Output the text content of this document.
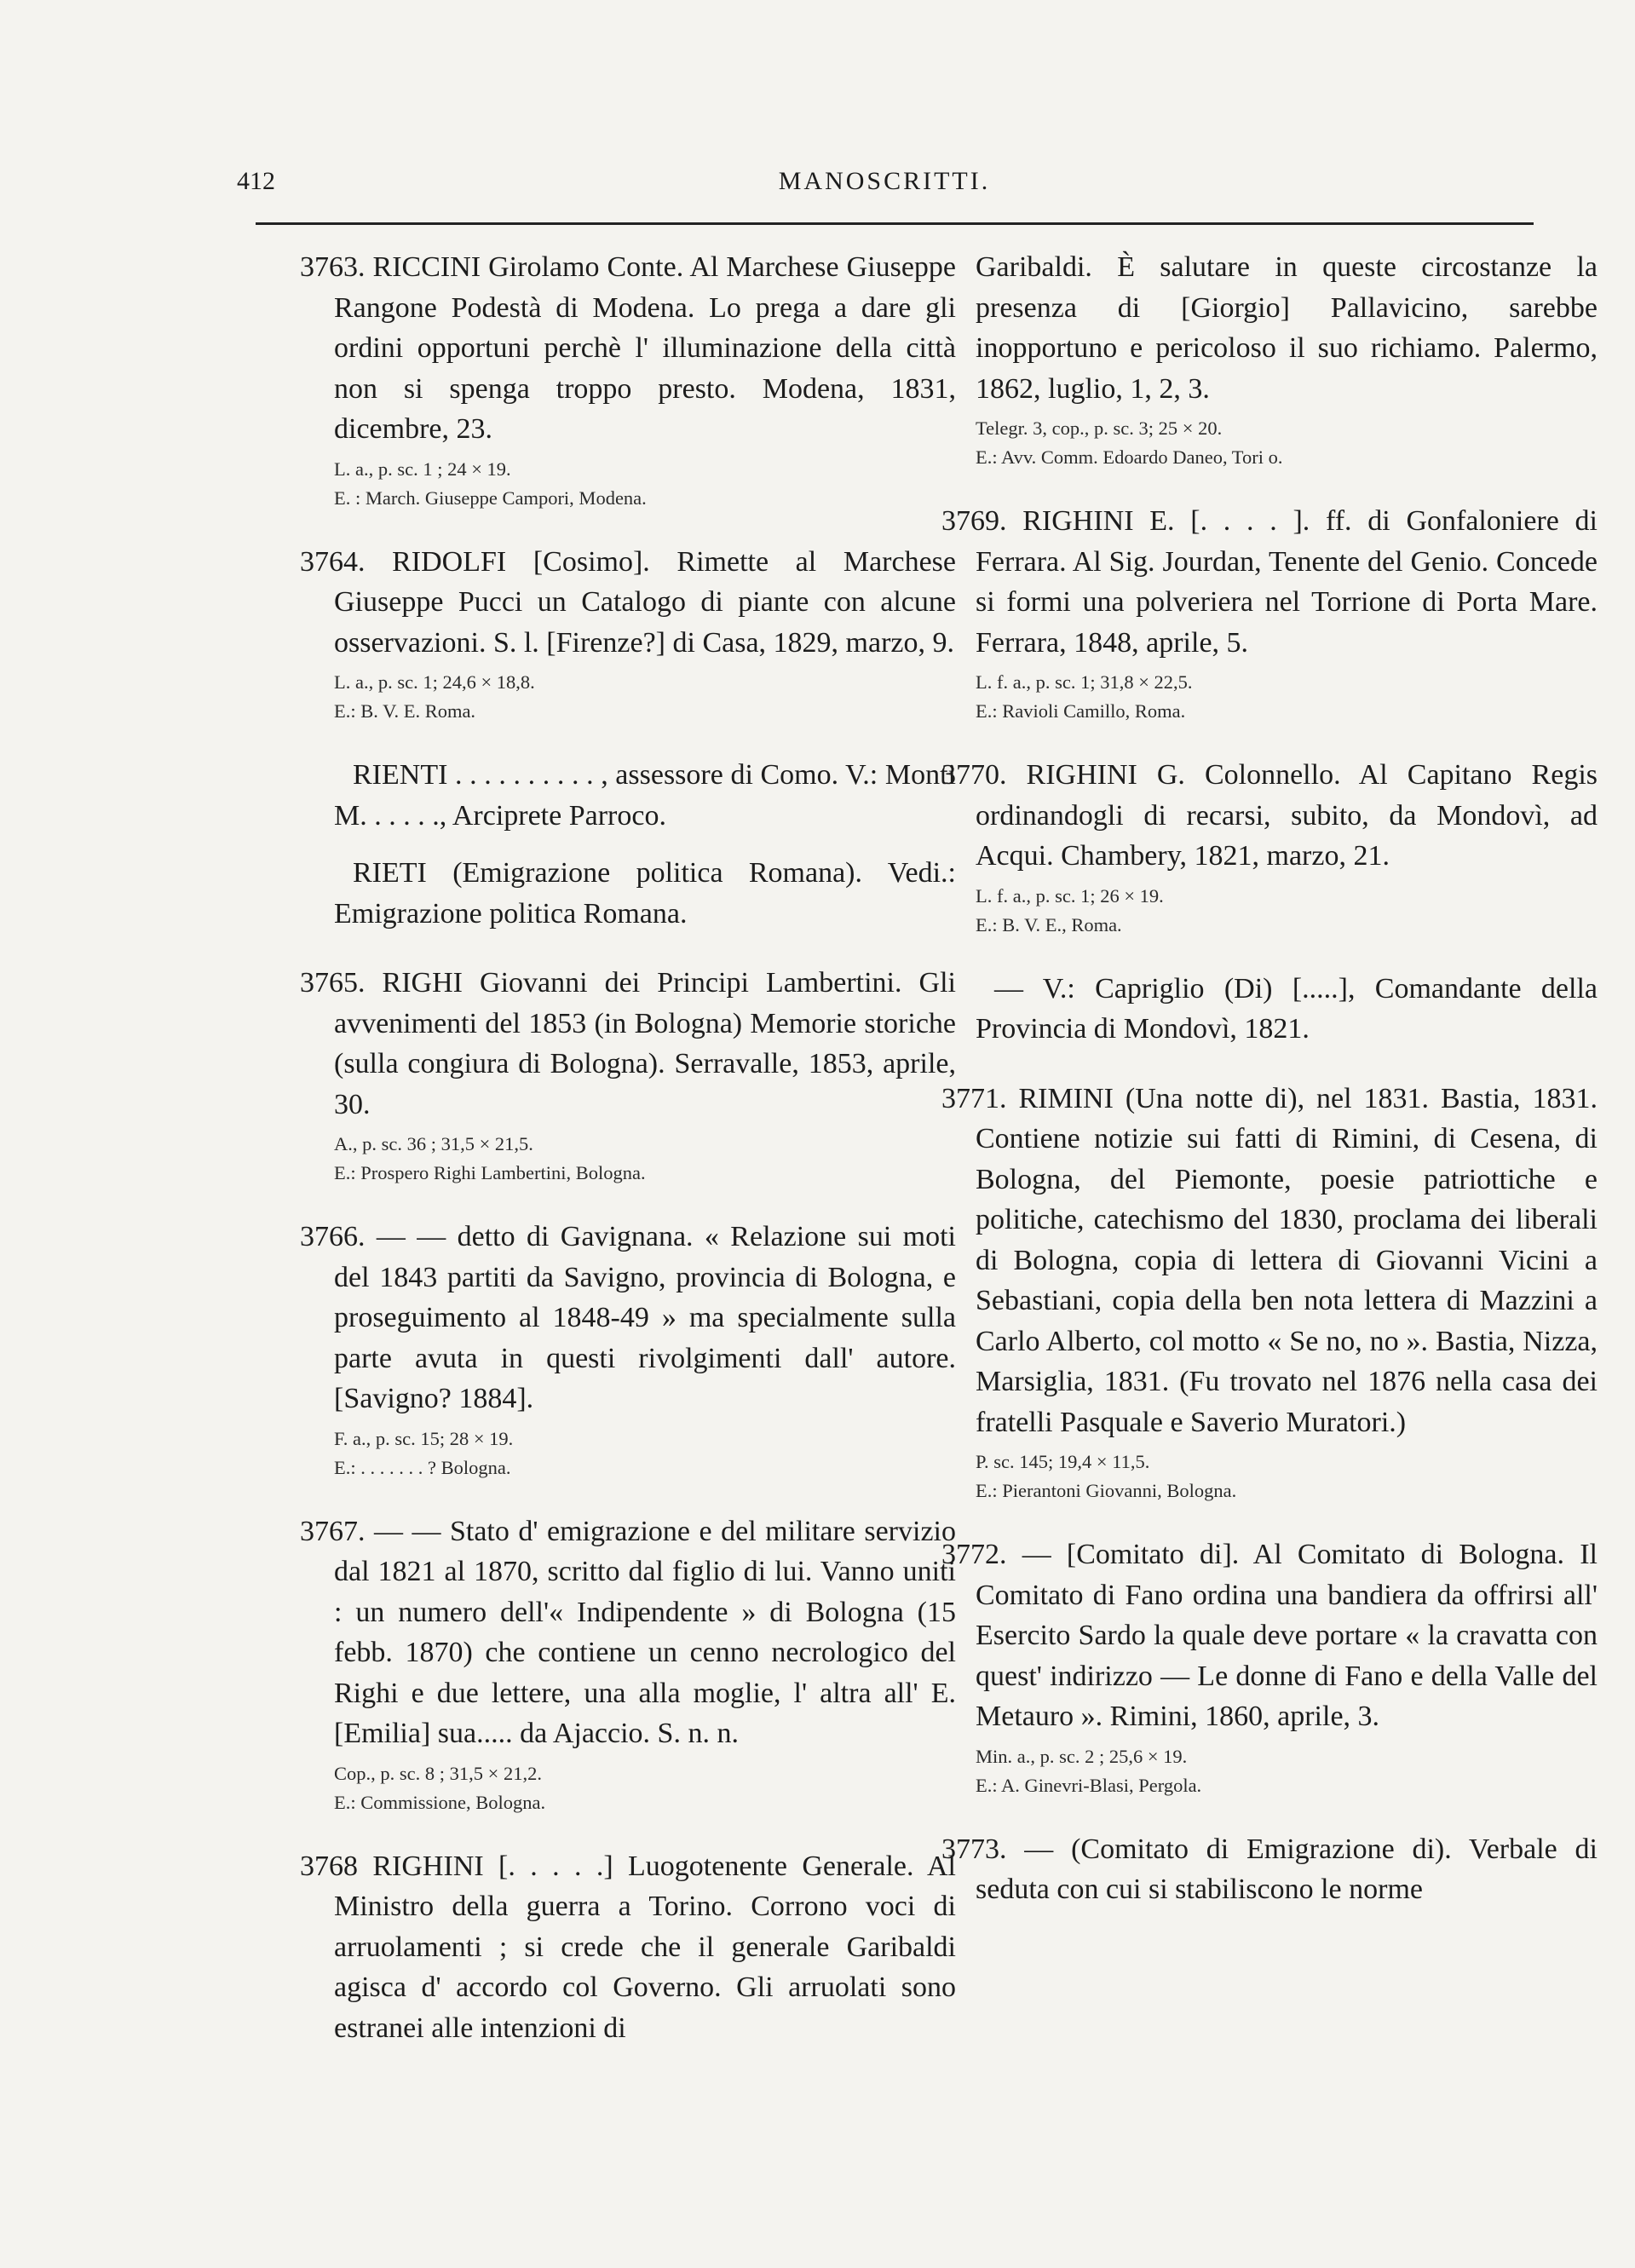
412	MANOSCRITTI.

3763. RICCINI Girolamo Conte. Al Marchese Giuseppe Rangone Podestà di Modena. Lo prega a dare gli ordini opportuni perchè l' illuminazione della città non si spenga troppo presto. Modena, 1831, dicembre, 23.

L. a., p. sc. 1 ; 24 × 19.
E. : March. Giuseppe Campori, Modena.

3764. RIDOLFI [Cosimo]. Rimette al Marchese Giuseppe Pucci un Catalogo di piante con alcune osservazioni. S. l. [Firenze?] di Casa, 1829, marzo, 9.

L. a., p. sc. 1; 24,6 × 18,8.
E.: B. V. E. Roma.

RIENTI . . . . . . . . . . , assessore di Como. V.: Monti M. . . . . ., Arciprete Parroco.

RIETI (Emigrazione politica Romana). Vedi.: Emigrazione politica Romana.

3765. RIGHI Giovanni dei Principi Lambertini. Gli avvenimenti del 1853 (in Bologna) Memorie storiche (sulla congiura di Bologna). Serravalle, 1853, aprile, 30.

A., p. sc. 36 ; 31,5 × 21,5.
E.: Prospero Righi Lambertini, Bologna.

3766. — — detto di Gavignana. « Relazione sui moti del 1843 partiti da Savigno, provincia di Bologna, e proseguimento al 1848-49 » ma specialmente sulla parte avuta in questi rivolgimenti dall' autore. [Savigno? 1884].

F. a., p. sc. 15; 28 × 19.
E.: . . . . . . . ? Bologna.

3767. — — Stato d' emigrazione e del militare servizio dal 1821 al 1870, scritto dal figlio di lui. Vanno uniti : un numero dell'« Indipendente » di Bologna (15 febb. 1870) che contiene un cenno necrologico del Righi e due lettere, una alla moglie, l' altra all' E. [Emilia] sua..... da Ajaccio. S. n. n.

Cop., p. sc. 8 ; 31,5 × 21,2.
E.: Commissione, Bologna.

3768 RIGHINI [. . . . .] Luogotenente Generale. Al Ministro della guerra a Torino. Corrono voci di arruolamenti ; si crede che il generale Garibaldi agisca d' accordo col Governo. Gli arruolati sono estranei alle intenzioni di

Garibaldi. È salutare in queste circostanze la presenza di [Giorgio] Pallavicino, sarebbe inopportuno e pericoloso il suo richiamo. Palermo, 1862, luglio, 1, 2, 3.

Telegr. 3, cop., p. sc. 3; 25 × 20.
E.: Avv. Comm. Edoardo Daneo, Tori o.

3769. RIGHINI E. [. . . . ]. ff. di Gonfaloniere di Ferrara. Al Sig. Jourdan, Tenente del Genio. Concede si formi una polveriera nel Torrione di Porta Mare. Ferrara, 1848, aprile, 5.

L. f. a., p. sc. 1; 31,8 × 22,5.
E.: Ravioli Camillo, Roma.

3770. RIGHINI G. Colonnello. Al Capitano Regis ordinandogli di recarsi, subito, da Mondovì, ad Acqui. Chambery, 1821, marzo, 21.

L. f. a., p. sc. 1; 26 × 19.
E.: B. V. E., Roma.

— V.: Capriglio (Di) [.....], Comandante della Provincia di Mondovì, 1821.

3771. RIMINI (Una notte di), nel 1831. Bastia, 1831. Contiene notizie sui fatti di Rimini, di Cesena, di Bologna, del Piemonte, poesie patriottiche e politiche, catechismo del 1830, proclama dei liberali di Bologna, copia di lettera di Giovanni Vicini a Sebastiani, copia della ben nota lettera di Mazzini a Carlo Alberto, col motto « Se no, no ». Bastia, Nizza, Marsiglia, 1831. (Fu trovato nel 1876 nella casa dei fratelli Pasquale e Saverio Muratori.)

P. sc. 145; 19,4 × 11,5.
E.: Pierantoni Giovanni, Bologna.

3772. — [Comitato di]. Al Comitato di Bologna. Il Comitato di Fano ordina una bandiera da offrirsi all' Esercito Sardo la quale deve portare « la cravatta con quest' indirizzo — Le donne di Fano e della Valle del Metauro ». Rimini, 1860, aprile, 3.

Min. a., p. sc. 2 ; 25,6 × 19.
E.: A. Ginevri-Blasi, Pergola.

3773. — (Comitato di Emigrazione di). Verbale di seduta con cui si stabiliscono le norme
